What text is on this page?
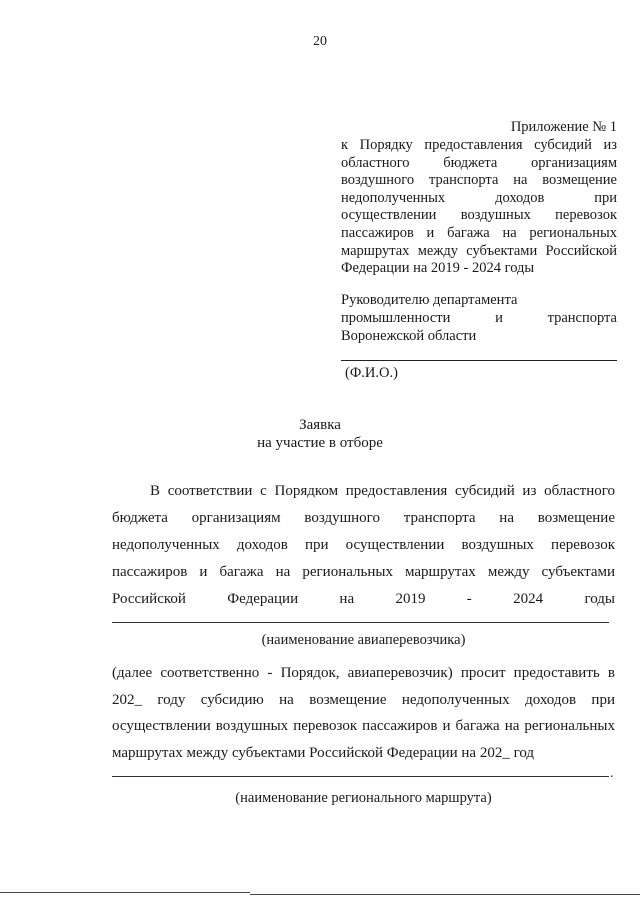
20
Приложение № 1
к Порядку предоставления субсидий из
областного бюджета организациям
воздушного транспорта на возмещение
недополученных доходов при
осуществлении воздушных перевозок
пассажиров и багажа на региональных
маршрутах между субъектами Российской
Федерации на 2019 - 2024 годы
Руководителю департамента
промышленности и транспорта
Воронежской области
(Ф.И.О.)
Заявка
на участие в отборе
В соответствии с Порядком предоставления субсидий из областного
бюджета организациям воздушного транспорта на возмещение
недополученных доходов при осуществлении воздушных перевозок
пассажиров и багажа на региональных маршрутах между субъектами
Российской Федерации на 2019 - 2024 годы
(наименование авиаперевозчика)
(далее соответственно - Порядок, авиаперевозчик) просит предоставить в
202_ году субсидию на возмещение недополученных доходов при
осуществлении воздушных перевозок пассажиров и багажа на региональных
маршрутах между субъектами Российской Федерации на 202_ год
.
(наименование регионального маршрута)
